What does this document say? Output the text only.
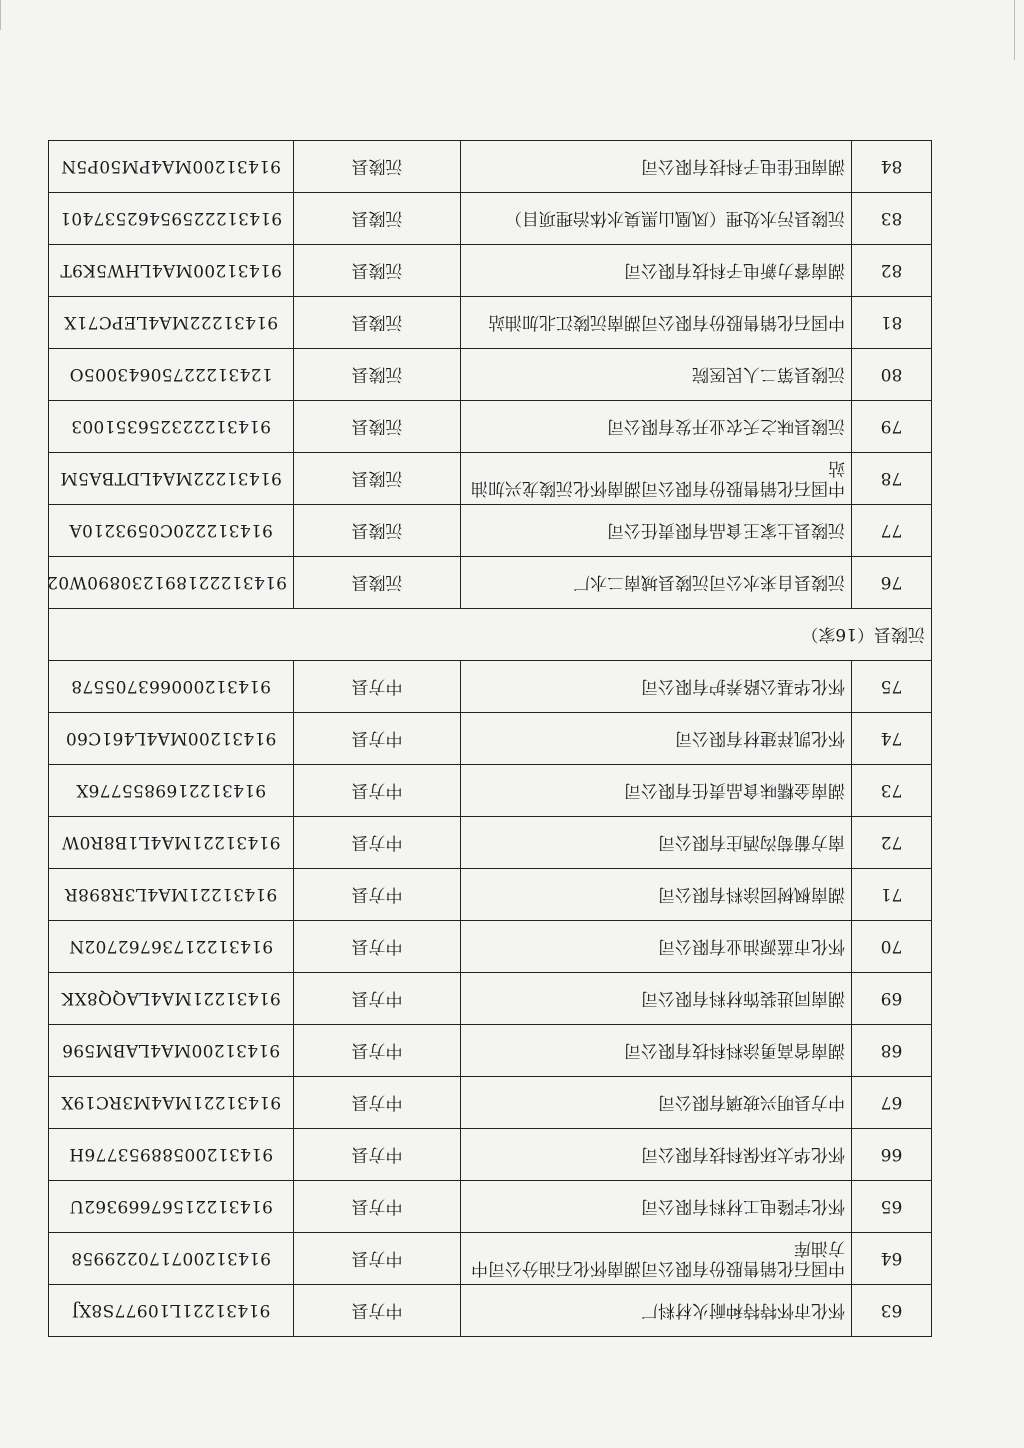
63	怀化市怀特特种耐火材料厂	中方县	91431221L10977S8XJ
64	中国石化销售股份有限公司湖南怀化石油分公司中方油库	中方县	914312007170229958
65	怀化宇隆电工材料有限公司	中方县	91431221567669362U
66	怀化华太环保科技有限公司	中方县	91431200588953776H
67	中方县明兴玻璃有限公司	中方县	91431221MA4M3RC19X
68	湖南省高勇涂料科技有限公司	中方县	91431200MA4LABM596
69	湖南同进装饰材料有限公司	中方县	91431221MA4LAQQ8XK
70	怀化市蓝源油业有限公司	中方县	91431221736762702N
71	湖南枫树园涂料有限公司	中方县	91431221MA4L3R898R
72	南方葡萄沟酒庄有限公司	中方县	91431221MA4L1B8R0W
73	湖南金糯味食品责任有限公司	中方县	9143122169855776X
74	怀化凯祥建材有限公司	中方县	91431200MA4L461C60
75	怀化华基公路养护有限公司	中方县	914312000663705578
沅陵县（16家）			
76	沅陵县自来水公司沅陵县城南二水厂	沅陵县	914312221891230890W02
77	沅陵县土家王食品有限责任公司	沅陵县	914312220C0593210A
78	中国石化销售股份有限公司湖南怀化沅陵龙兴加油站	沅陵县	91431222MA4LDTBA5M
79	沅陵县味之夭农业开发有限公司	沅陵县	914312223256351003
80	沅陵县第二人民医院	沅陵县	12431222750643005O
81	中国石化销售股份有限公司湖南沅陵江北加油站	沅陵县	91431222MA4LEPC71X
82	湖南睿力新电子科技有限公司	沅陵县	91431200MA4LHW5K9T
83	沅陵县污水处理（凤凰山黑臭水体治理项目）	沅陵县	91431222595462537401
84	湖南旺佳电子科技有限公司	沅陵县	91431200MA4PM50P5N
